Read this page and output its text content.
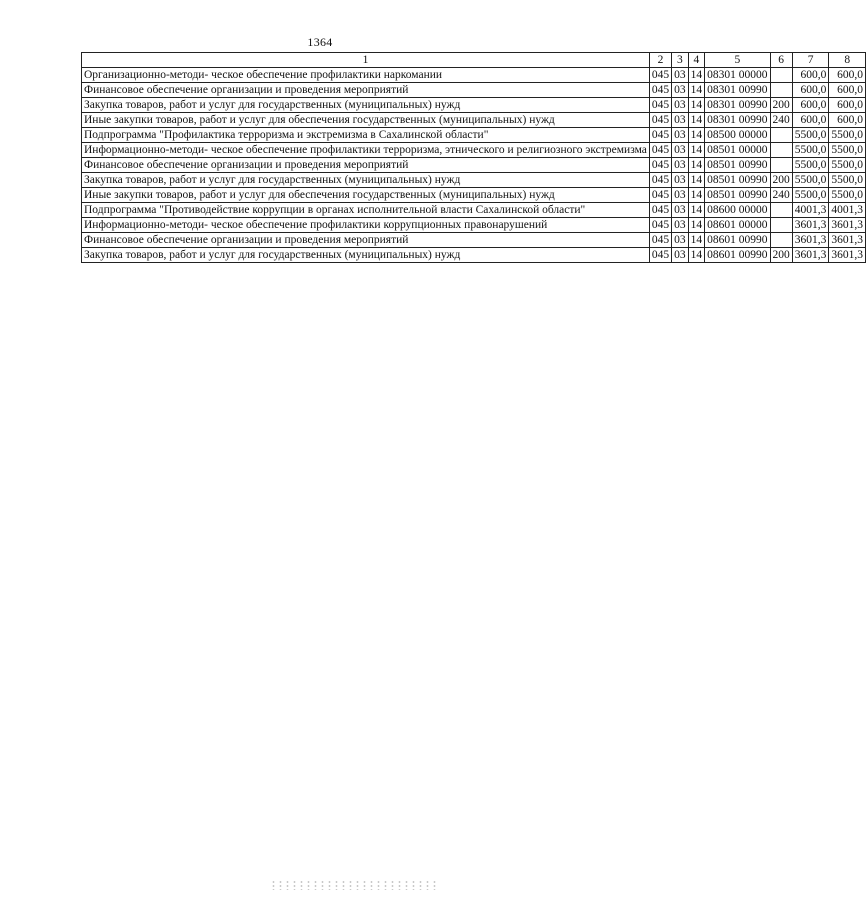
1364
1	2	3	4	5	6	7	8
Организационно-методи- ческое обеспечение профилактики наркомании	045	03	14	08301 00000		600,0	600,0
Финансовое обеспечение организации и проведения мероприятий	045	03	14	08301 00990		600,0	600,0
Закупка товаров, работ и услуг для государственных (муниципальных) нужд	045	03	14	08301 00990	200	600,0	600,0
Иные закупки товаров, работ и услуг для обеспечения государственных (муниципальных) нужд	045	03	14	08301 00990	240	600,0	600,0
Подпрограмма "Профилактика терроризма и экстремизма в Сахалинской области"	045	03	14	08500 00000		5500,0	5500,0
Информационно-методи- ческое обеспечение профилактики терроризма, этнического и религиозного экстремизма	045	03	14	08501 00000		5500,0	5500,0
Финансовое обеспечение организации и проведения мероприятий	045	03	14	08501 00990		5500,0	5500,0
Закупка товаров, работ и услуг для государственных (муниципальных) нужд	045	03	14	08501 00990	200	5500,0	5500,0
Иные закупки товаров, работ и услуг для обеспечения государственных (муниципальных) нужд	045	03	14	08501 00990	240	5500,0	5500,0
Подпрограмма "Противодействие коррупции в органах исполнительной власти Сахалинской области"	045	03	14	08600 00000		4001,3	4001,3
Информационно-методи- ческое обеспечение профилактики коррупционных правонарушений	045	03	14	08601 00000		3601,3	3601,3
Финансовое обеспечение организации и проведения мероприятий	045	03	14	08601 00990		3601,3	3601,3
Закупка товаров, работ и услуг для государственных (муниципальных) нужд	045	03	14	08601 00990	200	3601,3	3601,3
